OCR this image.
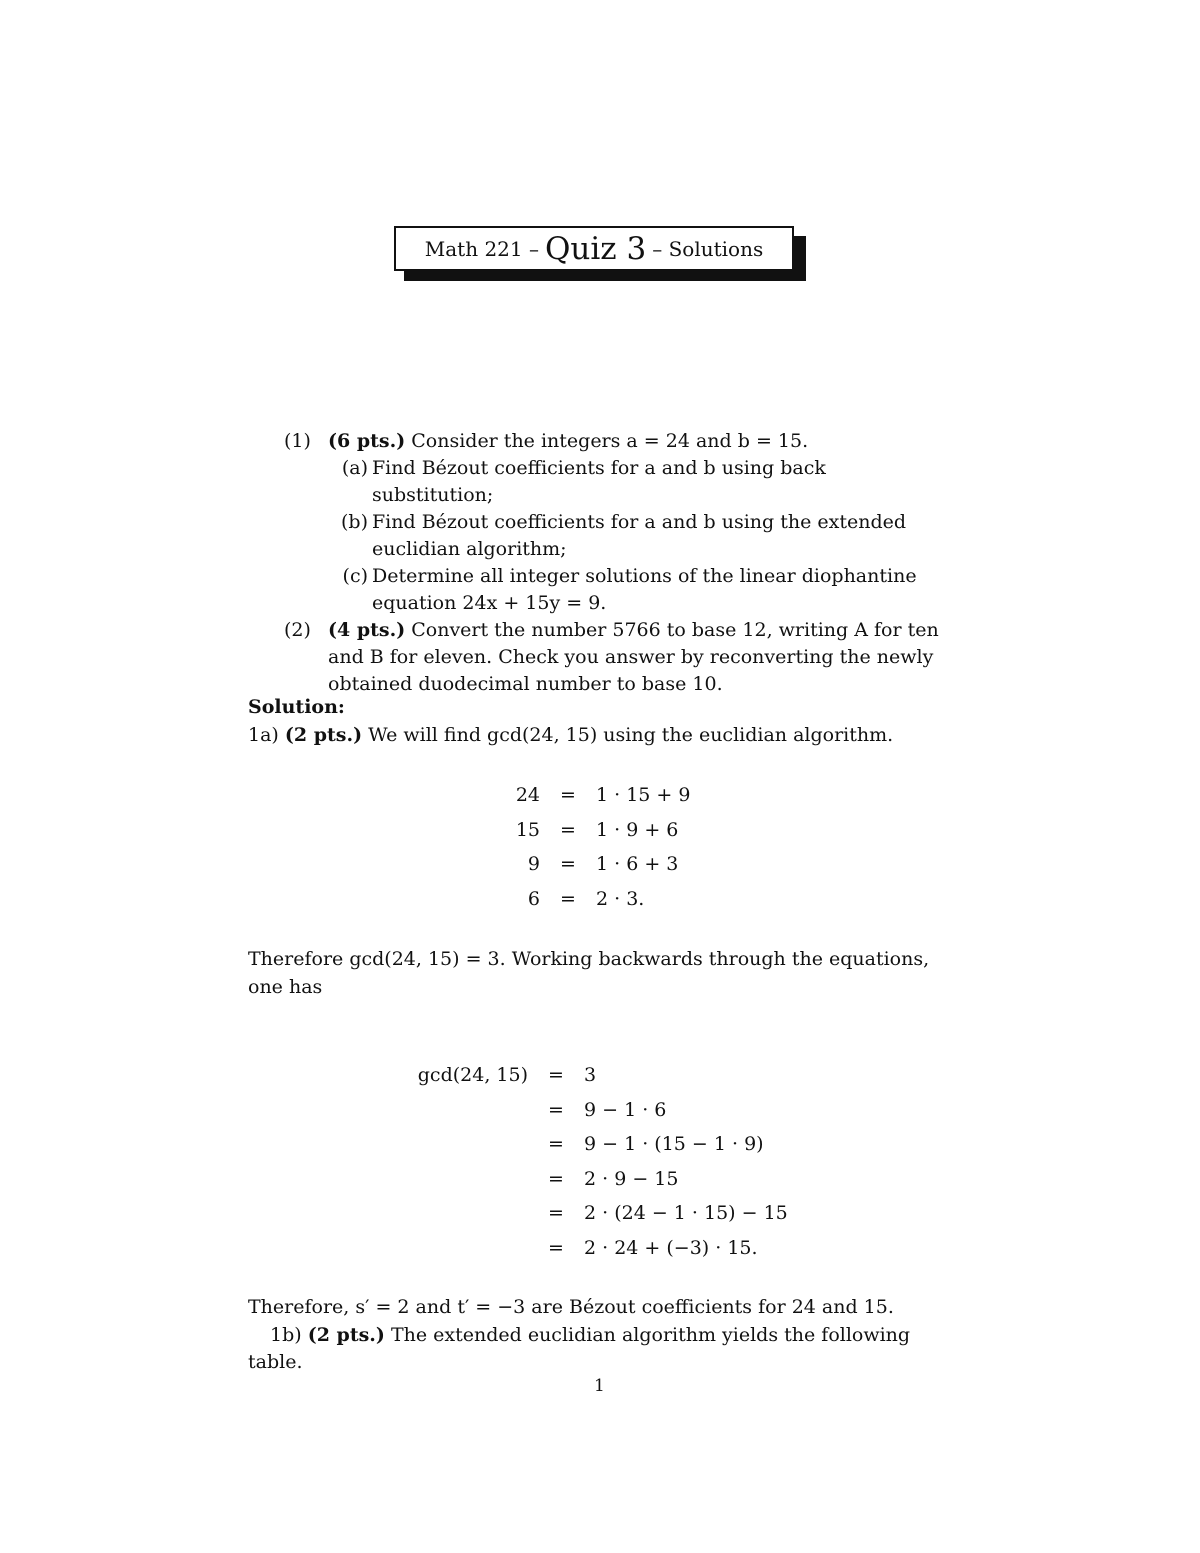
Math 221 – Quiz 3 – Solutions
(1) (6 pts.) Consider the integers a = 24 and b = 15.
(a) Find Bézout coefficients for a and b using back substitution;
(b) Find Bézout coefficients for a and b using the extended euclidian algorithm;
(c) Determine all integer solutions of the linear diophantine equation 24x + 15y = 9.
(2) (4 pts.) Convert the number 5766 to base 12, writing A for ten and B for eleven. Check you answer by reconverting the newly obtained duodecimal number to base 10.
Solution:
1a) (2 pts.) We will find gcd(24, 15) using the euclidian algorithm.
24	=	1 · 15 + 9
15	=	1 · 9 + 6
9	=	1 · 6 + 3
6	=	2 · 3.
Therefore gcd(24, 15) = 3. Working backwards through the equations,
one has
gcd(24, 15)	=	3
	=	9 − 1 · 6
	=	9 − 1 · (15 − 1 · 9)
	=	2 · 9 − 15
	=	2 · (24 − 1 · 15) − 15
	=	2 · 24 + (−3) · 15.
Therefore, s′ = 2 and t′ = −3 are Bézout coefficients for 24 and 15.
1b) (2 pts.) The extended euclidian algorithm yields the following
table.
1
